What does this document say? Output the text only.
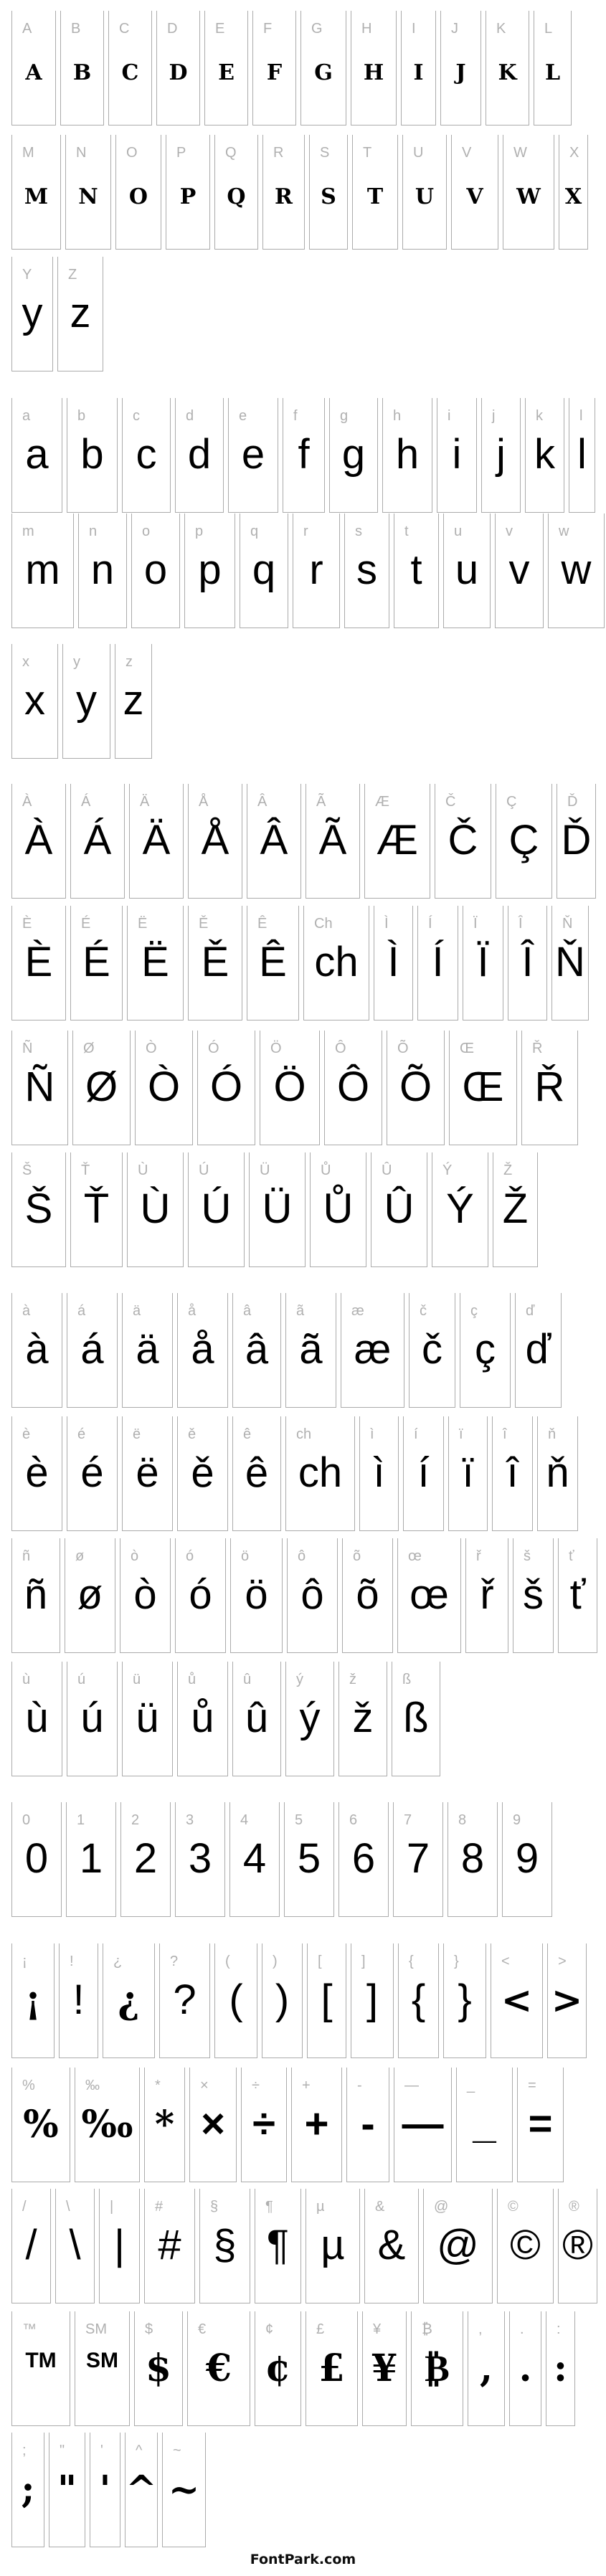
A
A
B
B
C
C
D
D
E
E
F
F
G
G
H
H
I
I
J
J
K
K
L
L
M
M
N
N
O
O
P
P
Q
Q
R
R
S
S
T
T
U
U
V
V
W
W
X
X
Y
y
Z
z
a
a
b
b
c
c
d
d
e
e
f
f
g
g
h
h
i
i
j
j
k
k
l
l
m
m
n
n
o
o
p
p
q
q
r
r
s
s
t
t
u
u
v
v
w
w
x
x
y
y
z
z
À
À
Á
Á
Ä
Ä
Å
Å
Â
Â
Ã
Ã
Æ
Æ
Č
Č
Ç
Ç
Ď
Ď
È
È
É
É
Ë
Ë
Ě
Ě
Ê
Ê
Ch
ch
Ì
Ì
Í
Í
Ï
Ï
Î
Î
Ň
Ň
Ñ
Ñ
Ø
Ø
Ò
Ò
Ó
Ó
Ö
Ö
Ô
Ô
Õ
Õ
Œ
Œ
Ř
Ř
Š
Š
Ť
Ť
Ù
Ù
Ú
Ú
Ü
Ü
Ů
Ů
Û
Û
Ý
Ý
Ž
Ž
à
à
á
á
ä
ä
å
å
â
â
ã
ã
æ
æ
č
č
ç
ç
ď
ď
è
è
é
é
ë
ë
ě
ě
ê
ê
ch
ch
ì
ì
í
í
ï
ï
î
î
ň
ň
ñ
ñ
ø
ø
ò
ò
ó
ó
ö
ö
ô
ô
õ
õ
œ
œ
ř
ř
š
š
ť
ť
ù
ù
ú
ú
ü
ü
ů
ů
û
û
ý
ý
ž
ž
ß
ß
0
0
1
1
2
2
3
3
4
4
5
5
6
6
7
7
8
8
9
9
¡
¡
!
!
¿
¿
?
?
(
(
)
)
[
[
]
]
{
{
}
}
<
<
>
>
%
%
‰
‰
*
*
×
×
÷
÷
+
+
-
-
—
—
_
_
=
=
/
/
\
\
|
|
#
#
§
§
¶
¶
µ
µ
&
&
@
@
©
©
®
®
™
TM
SM
SM
$
$
€
€
¢
¢
£
£
¥
¥
₿
₿
,
,
.
.
:
:
;
;
"
"
'
'
^
^
~
~
FontPark.com
